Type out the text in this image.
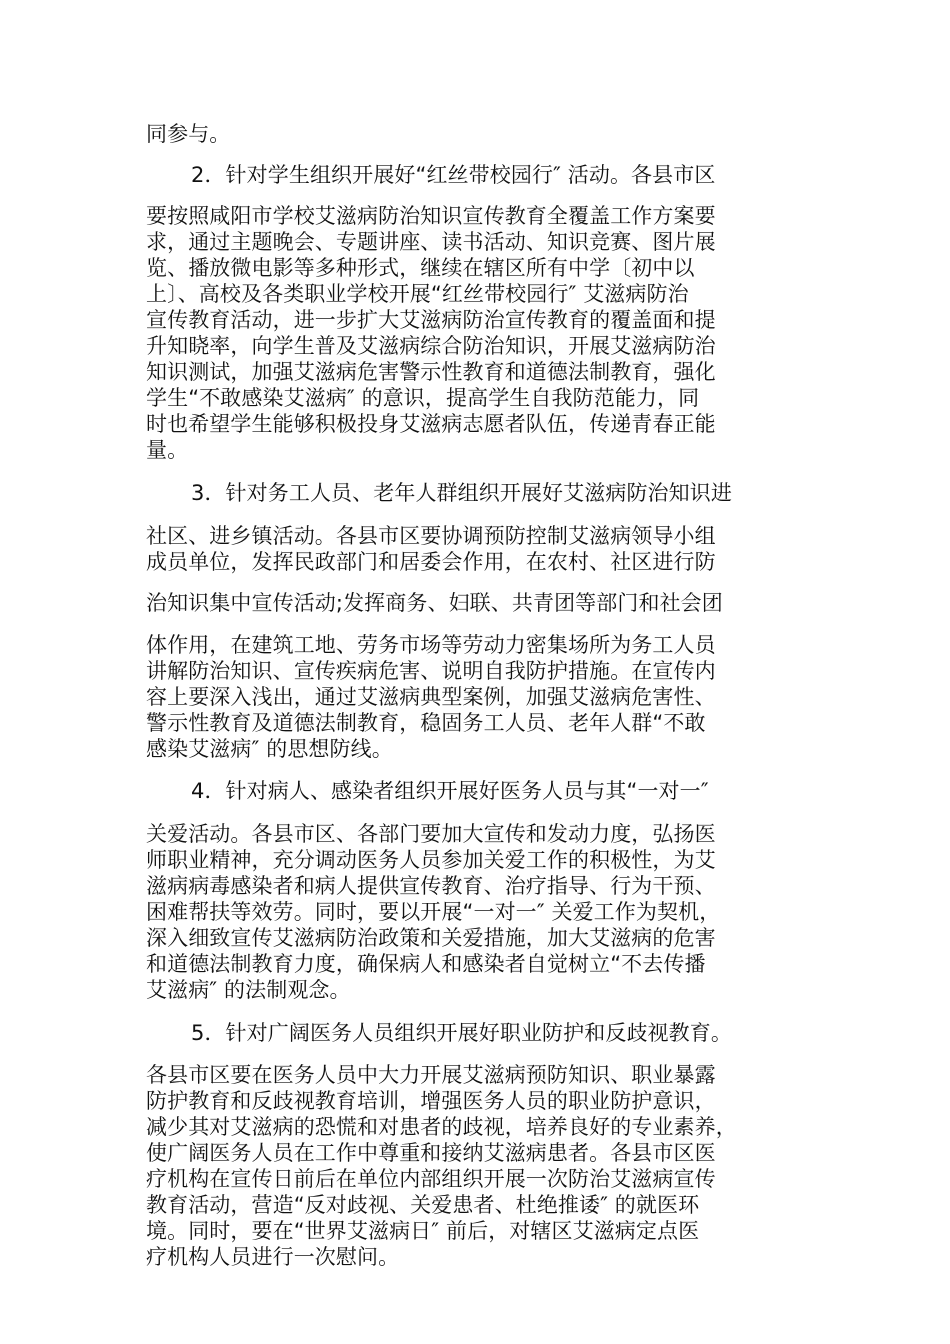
同参与。
2．针对学生组织开展好“红丝带校园行″ 活动。各县市区
要按照咸阳市学校艾滋病防治知识宣传教育全覆盖工作方案要
求，通过主题晚会、专题讲座、读书活动、知识竞赛、图片展
览、播放微电影等多种形式，继续在辖区所有中学〔初中以
上〕、高校及各类职业学校开展“红丝带校园行″ 艾滋病防治
宣传教育活动，进一步扩大艾滋病防治宣传教育的覆盖面和提
升知晓率，向学生普及艾滋病综合防治知识，开展艾滋病防治
知识测试，加强艾滋病危害警示性教育和道德法制教育，强化
学生“不敢感染艾滋病″ 的意识，提高学生自我防范能力，同
时也希望学生能够积极投身艾滋病志愿者队伍，传递青春正能
量。
3．针对务工人员、老年人群组织开展好艾滋病防治知识进
社区、进乡镇活动。各县市区要协调预防控制艾滋病领导小组
成员单位，发挥民政部门和居委会作用，在农村、社区进行防
治知识集中宣传活动;发挥商务、妇联、共青团等部门和社会团
体作用，在建筑工地、劳务市场等劳动力密集场所为务工人员
讲解防治知识、宣传疾病危害、说明自我防护措施。在宣传内
容上要深入浅出，通过艾滋病典型案例，加强艾滋病危害性、
警示性教育及道德法制教育，稳固务工人员、老年人群“不敢
感染艾滋病″ 的思想防线。
4．针对病人、感染者组织开展好医务人员与其“一对一″
关爱活动。各县市区、各部门要加大宣传和发动力度，弘扬医
师职业精神，充分调动医务人员参加关爱工作的积极性，为艾
滋病病毒感染者和病人提供宣传教育、治疗指导、行为干预、
困难帮扶等效劳。同时，要以开展“一对一″ 关爱工作为契机，
深入细致宣传艾滋病防治政策和关爱措施，加大艾滋病的危害
和道德法制教育力度，确保病人和感染者自觉树立“不去传播
艾滋病″ 的法制观念。
5．针对广阔医务人员组织开展好职业防护和反歧视教育。
各县市区要在医务人员中大力开展艾滋病预防知识、职业暴露
防护教育和反歧视教育培训，增强医务人员的职业防护意识，
减少其对艾滋病的恐慌和对患者的歧视，培养良好的专业素养，
使广阔医务人员在工作中尊重和接纳艾滋病患者。各县市区医
疗机构在宣传日前后在单位内部组织开展一次防治艾滋病宣传
教育活动，营造“反对歧视、关爱患者、杜绝推诿″ 的就医环
境。同时，要在“世界艾滋病日″ 前后，对辖区艾滋病定点医
疗机构人员进行一次慰问。
